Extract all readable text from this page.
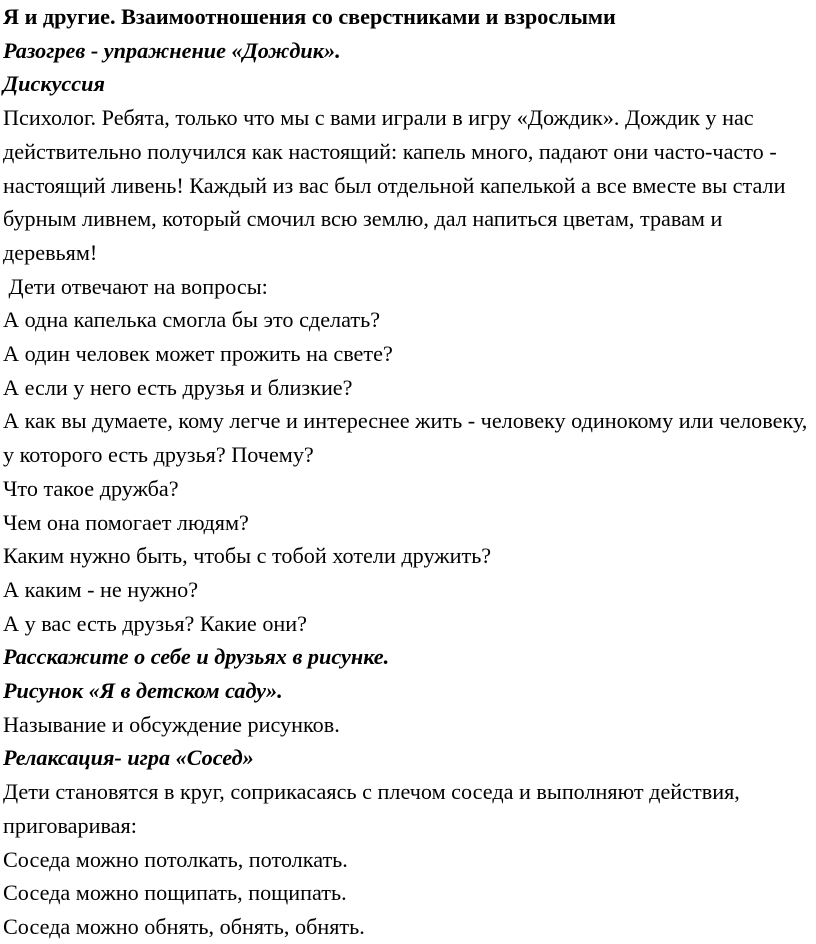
Я и другие. Взаимоотношения со сверстниками и взрослыми

Разогрев - упражнение «Дождик».

Дискуссия

Психолог. Ребята, только что мы с вами играли в игру «Дождик». Дождик у нас действительно получился как настоящий: капель много, падают они часто-часто - настоящий ливень! Каждый из вас был отдельной капелькой а все вместе вы стали бурным ливнем, который смочил всю землю, дал напиться цветам, травам и деревьям!

Дети отвечают на вопросы:

А одна капелька смогла бы это сделать?

А один человек может прожить на свете?

А если у него есть друзья и близкие?

А как вы думаете, кому легче и интереснее жить - человеку одинокому или человеку, у которого есть друзья? Почему?

Что такое дружба?

Чем она помогает людям?

Каким нужно быть, чтобы с тобой хотели дружить?

А каким - не нужно?

А у вас есть друзья? Какие они?

Расскажите о себе и друзьях в рисунке.

Рисунок «Я в детском саду».

Называние и обсуждение рисунков.

Релаксация- игра «Сосед»

Дети становятся в круг, соприкасаясь с плечом соседа и выполняют действия, приговаривая:

Соседа можно потолкать, потолкать.

Соседа можно пощипать, пощипать.

Соседа можно обнять, обнять, обнять.
